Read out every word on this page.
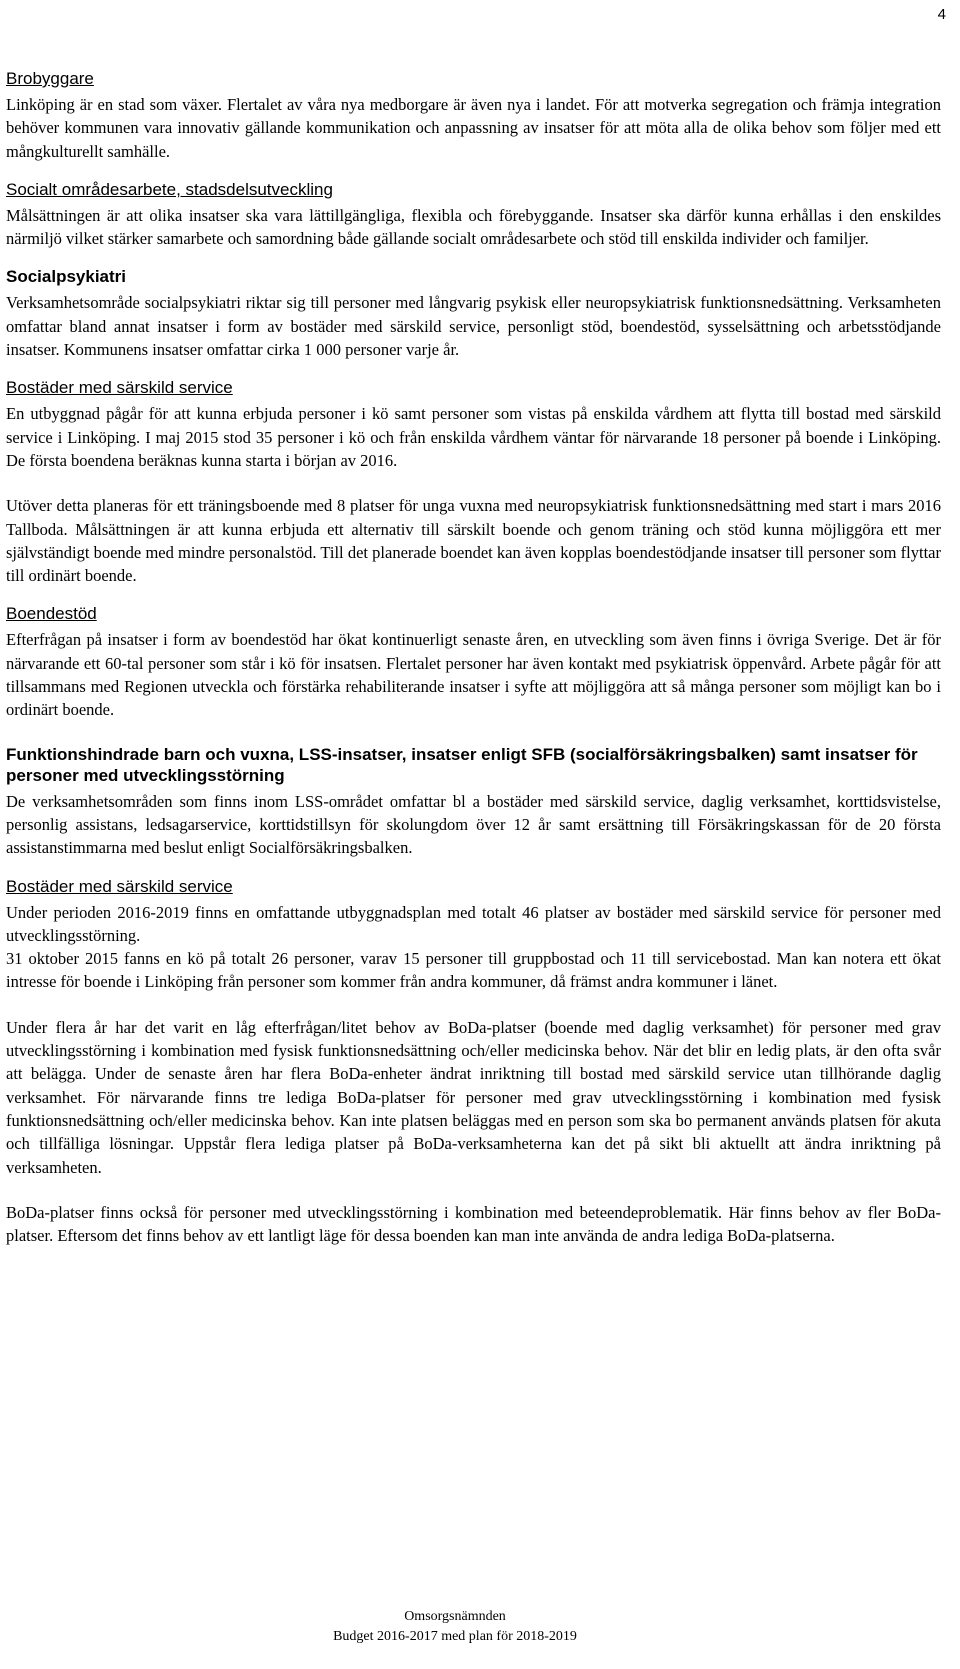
4
Brobyggare

Linköping är en stad som växer. Flertalet av våra nya medborgare är även nya i landet. För att motverka segregation och främja integration behöver kommunen vara innovativ gällande kommunikation och anpassning av insatser för att möta alla de olika behov som följer med ett mångkulturellt samhälle.

Socialt områdesarbete, stadsdelsutveckling

Målsättningen är att olika insatser ska vara lättillgängliga, flexibla och förebyggande. Insatser ska därför kunna erhållas i den enskildes närmiljö vilket stärker samarbete och samordning både gällande socialt områdesarbete och stöd till enskilda individer och familjer.

Socialpsykiatri

Verksamhetsområde socialpsykiatri riktar sig till personer med långvarig psykisk eller neuropsykiatrisk funktionsnedsättning. Verksamheten omfattar bland annat insatser i form av bostäder med särskild service, personligt stöd, boendestöd, sysselsättning och arbetsstödjande insatser. Kommunens insatser omfattar cirka 1 000 personer varje år.

Bostäder med särskild service

En utbyggnad pågår för att kunna erbjuda personer i kö samt personer som vistas på enskilda vårdhem att flytta till bostad med särskild service i Linköping. I maj 2015 stod 35 personer i kö och från enskilda vårdhem väntar för närvarande 18 personer på boende i Linköping. De första boendena beräknas kunna starta i början av 2016.

Utöver detta planeras för ett träningsboende med 8 platser för unga vuxna med neuropsykiatrisk funktionsnedsättning med start i mars 2016 Tallboda. Målsättningen är att kunna erbjuda ett alternativ till särskilt boende och genom träning och stöd kunna möjliggöra ett mer självständigt boende med mindre personalstöd. Till det planerade boendet kan även kopplas boendestödjande insatser till personer som flyttar till ordinärt boende.

Boendestöd

Efterfrågan på insatser i form av boendestöd har ökat kontinuerligt senaste åren, en utveckling som även finns i övriga Sverige. Det är för närvarande ett 60-tal personer som står i kö för insatsen. Flertalet personer har även kontakt med psykiatrisk öppenvård. Arbete pågår för att tillsammans med Regionen utveckla och förstärka rehabiliterande insatser i syfte att möjliggöra att så många personer som möjligt kan bo i ordinärt boende.

Funktionshindrade barn och vuxna, LSS-insatser, insatser enligt SFB (socialförsäkringsbalken) samt insatser för personer med utvecklingsstörning

De verksamhetsområden som finns inom LSS-området omfattar bl a bostäder med särskild service, daglig verksamhet, korttidsvistelse, personlig assistans, ledsagarservice, korttidstillsyn för skolungdom över 12 år samt ersättning till Försäkringskassan för de 20 första assistanstimmarna med beslut enligt Socialförsäkringsbalken.

Bostäder med särskild service

Under perioden 2016-2019 finns en omfattande utbyggnadsplan med totalt 46 platser av bostäder med särskild service för personer med utvecklingsstörning.

31 oktober 2015 fanns en kö på totalt 26 personer, varav 15 personer till gruppbostad och 11 till servicebostad. Man kan notera ett ökat intresse för boende i Linköping från personer som kommer från andra kommuner, då främst andra kommuner i länet.

Under flera år har det varit en låg efterfrågan/litet behov av BoDa-platser (boende med daglig verksamhet) för personer med grav utvecklingsstörning i kombination med fysisk funktionsnedsättning och/eller medicinska behov. När det blir en ledig plats, är den ofta svår att belägga. Under de senaste åren har flera BoDa-enheter ändrat inriktning till bostad med särskild service utan tillhörande daglig verksamhet. För närvarande finns tre lediga BoDa-platser för personer med grav utvecklingsstörning i kombination med fysisk funktionsnedsättning och/eller medicinska behov. Kan inte platsen beläggas med en person som ska bo permanent används platsen för akuta och tillfälliga lösningar. Uppstår flera lediga platser på BoDa-verksamheterna kan det på sikt bli aktuellt att ändra inriktning på verksamheten.

BoDa-platser finns också för personer med utvecklingsstörning i kombination med beteendeproblematik. Här finns behov av fler BoDa-platser. Eftersom det finns behov av ett lantligt läge för dessa boenden kan man inte använda de andra lediga BoDa-platserna.

Omsorgsnämnden
Budget 2016-2017 med plan för 2018-2019
